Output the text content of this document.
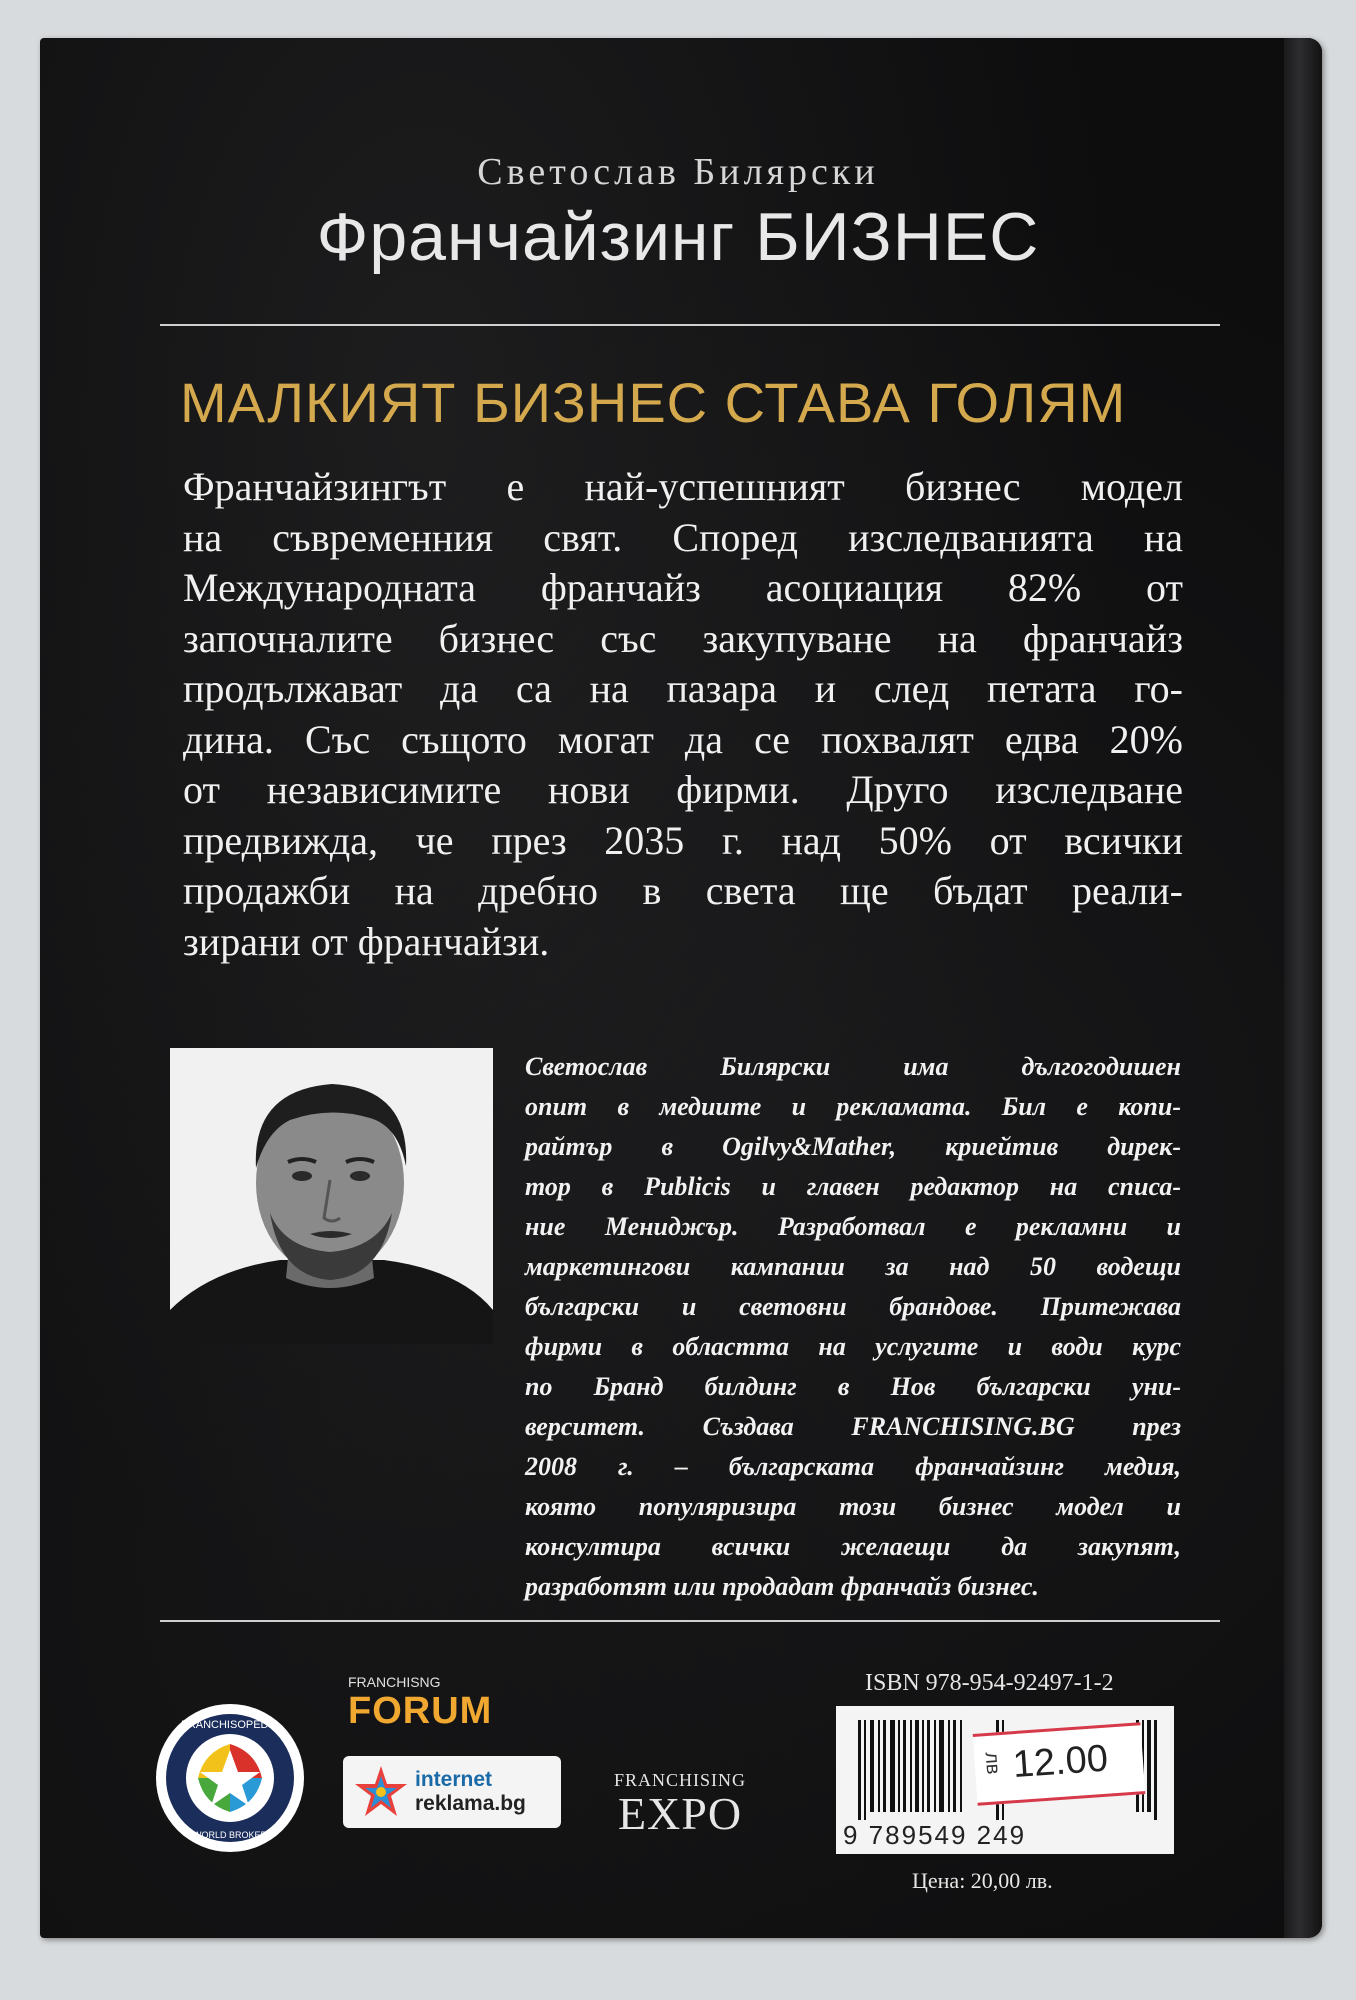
Светослав Билярски
Франчайзинг БИЗНЕС
МАЛКИЯТ БИЗНЕС СТАВА ГОЛЯМ
Франчайзингът е най-успешният бизнес модел
на съвременния свят. Според изследванията на
Международната франчайз асоциация 82% от
започналите бизнес със закупуване на франчайз
продължават да са на пазара и след петата го-
дина. Със същото могат да се похвалят едва 20%
от независимите нови фирми. Друго изследване
предвижда, че през 2035 г. над 50% от всички
продажби на дребно в света ще бъдат реали-
зирани от франчайзи.
Светослав Билярски има дългогодишен
опит в медиите и рекламата. Бил е копи-
райтър в Ogilvy&Mather, криейтив дирек-
тор в Publicis и главен редактор на списа-
ние Мениджър. Разработвал е рекламни и
маркетингови кампании за над 50 водещи
български и световни брандове. Притежава
фирми в областта на услугите и води курс
по Бранд билдинг в Нов български уни-
верситет. Създава FRANCHISING.BG през
2008 г. – българската франчайзинг медия,
която популяризира този бизнес модел и
консултира всички желаещи да закупят,
разработят или продадат франчайз бизнес.
FRANCHISOPEDIA
WORLD BROKER
FRANCHISNG
FORUM
internet
reklama.bg
FRANCHISING
EXPO
ISBN 978-954-92497-1-2
лв 12.00
9 789549 249
Цена: 20,00 лв.
